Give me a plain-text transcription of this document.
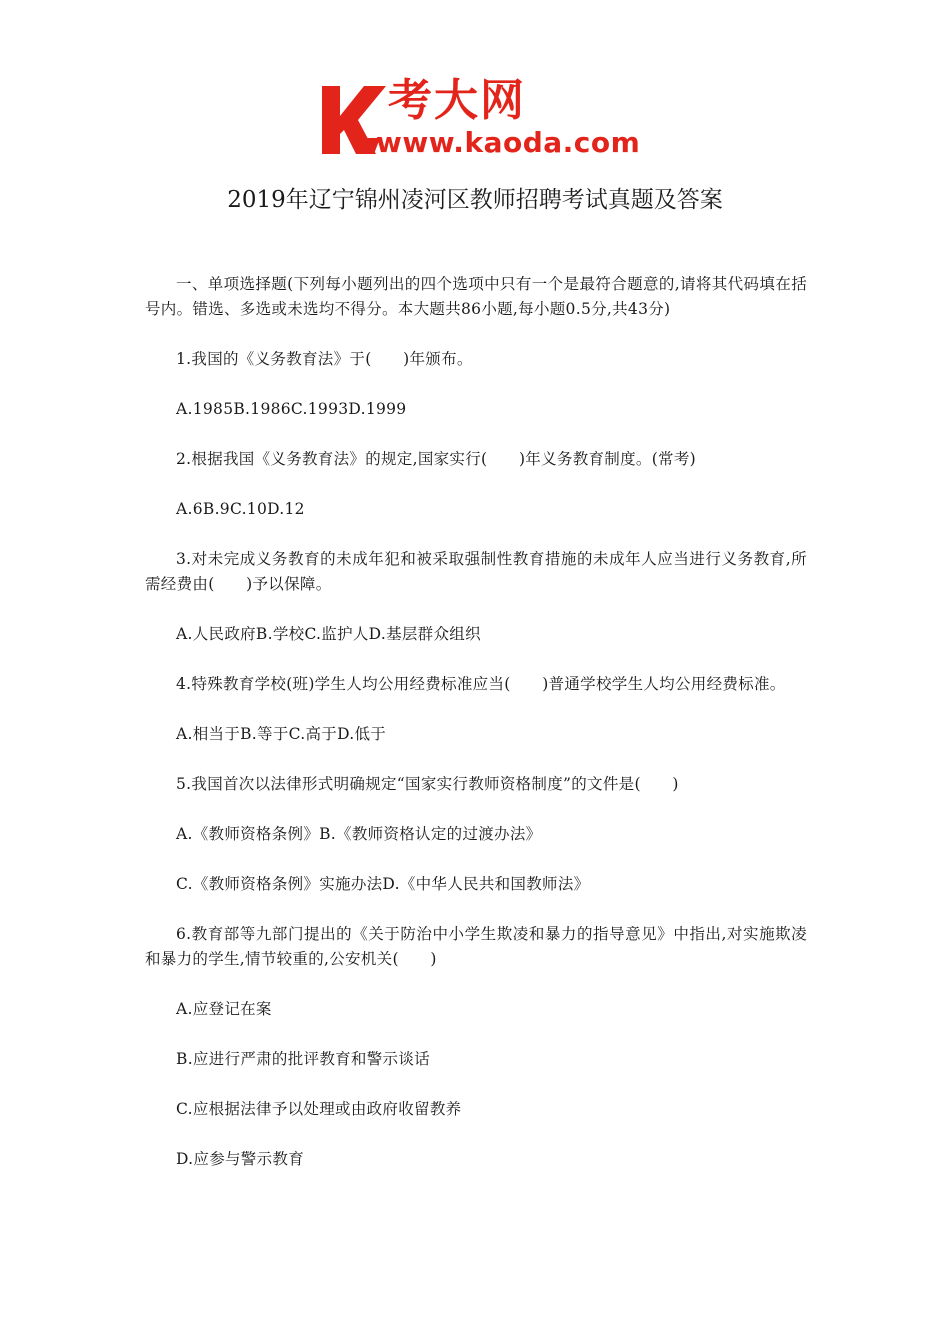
考大网
www.kaoda.com
2019年辽宁锦州凌河区教师招聘考试真题及答案

一、单项选择题(下列每小题列出的四个选项中只有一个是最符合题意的,请将其代码填在括号内。错选、多选或未选均不得分。本大题共86小题,每小题0.5分,共43分)

1.我国的《义务教育法》于(　　)年颁布。

A.1985B.1986C.1993D.1999

2.根据我国《义务教育法》的规定,国家实行(　　)年义务教育制度。(常考)

A.6B.9C.10D.12

3.对未完成义务教育的未成年犯和被采取强制性教育措施的未成年人应当进行义务教育,所需经费由(　　)予以保障。

A.人民政府B.学校C.监护人D.基层群众组织

4.特殊教育学校(班)学生人均公用经费标准应当(　　)普通学校学生人均公用经费标准。

A.相当于B.等于C.高于D.低于

5.我国首次以法律形式明确规定“国家实行教师资格制度”的文件是(　　)

A.《教师资格条例》B.《教师资格认定的过渡办法》

C.《教师资格条例》实施办法D.《中华人民共和国教师法》

6.教育部等九部门提出的《关于防治中小学生欺凌和暴力的指导意见》中指出,对实施欺凌和暴力的学生,情节较重的,公安机关(　　)

A.应登记在案

B.应进行严肃的批评教育和警示谈话

C.应根据法律予以处理或由政府收留教养

D.应参与警示教育
